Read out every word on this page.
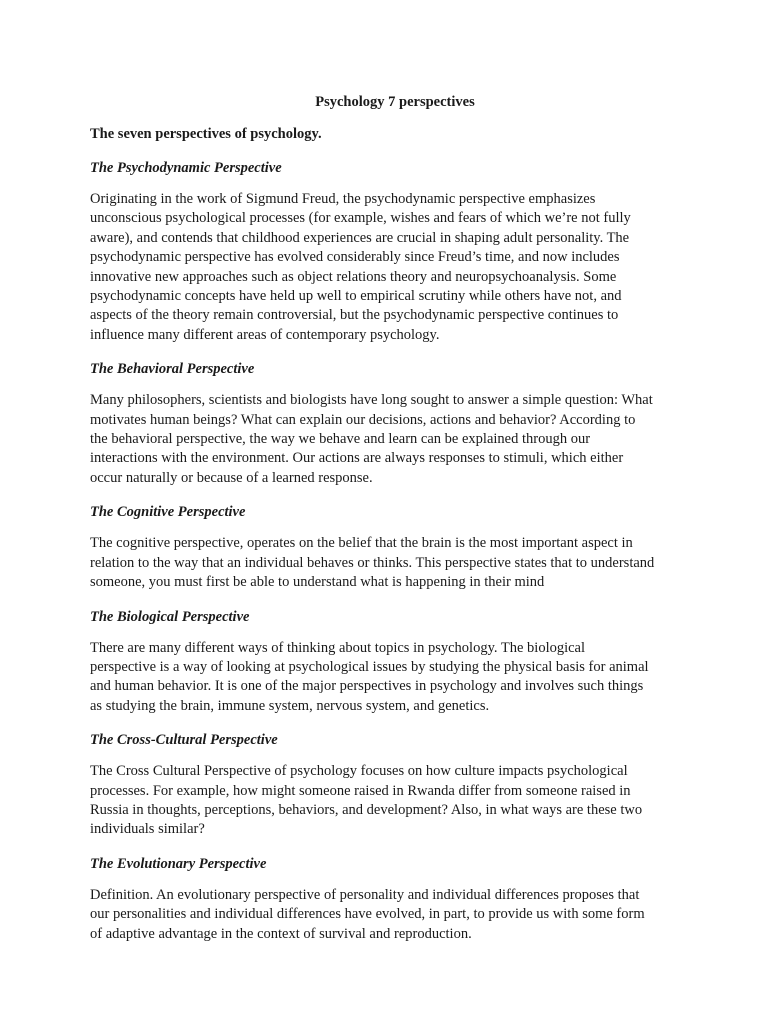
Psychology 7 perspectives
The seven perspectives of psychology.
The Psychodynamic Perspective
Originating in the work of Sigmund Freud, the psychodynamic perspective emphasizes
unconscious psychological processes (for example, wishes and fears of which we’re not fully
aware), and contends that childhood experiences are crucial in shaping adult personality. The
psychodynamic perspective has evolved considerably since Freud’s time, and now includes
innovative new approaches such as object relations theory and neuropsychoanalysis. Some
psychodynamic concepts have held up well to empirical scrutiny while others have not, and
aspects of the theory remain controversial, but the psychodynamic perspective continues to
influence many different areas of contemporary psychology.
The Behavioral Perspective
Many philosophers, scientists and biologists have long sought to answer a simple question: What
motivates human beings? What can explain our decisions, actions and behavior? According to
the behavioral perspective, the way we behave and learn can be explained through our
interactions with the environment. Our actions are always responses to stimuli, which either
occur naturally or because of a learned response.
The Cognitive Perspective
The cognitive perspective, operates on the belief that the brain is the most important aspect in
relation to the way that an individual behaves or thinks. This perspective states that to understand
someone, you must first be able to understand what is happening in their mind
The Biological Perspective
There are many different ways of thinking about topics in psychology. The biological
perspective is a way of looking at psychological issues by studying the physical basis for animal
and human behavior. It is one of the major perspectives in psychology and involves such things
as studying the brain, immune system, nervous system, and genetics.
The Cross-Cultural Perspective
The Cross Cultural Perspective of psychology focuses on how culture impacts psychological
processes. For example, how might someone raised in Rwanda differ from someone raised in
Russia in thoughts, perceptions, behaviors, and development? Also, in what ways are these two
individuals similar?
The Evolutionary Perspective
Definition. An evolutionary perspective of personality and individual differences proposes that
our personalities and individual differences have evolved, in part, to provide us with some form
of adaptive advantage in the context of survival and reproduction.
